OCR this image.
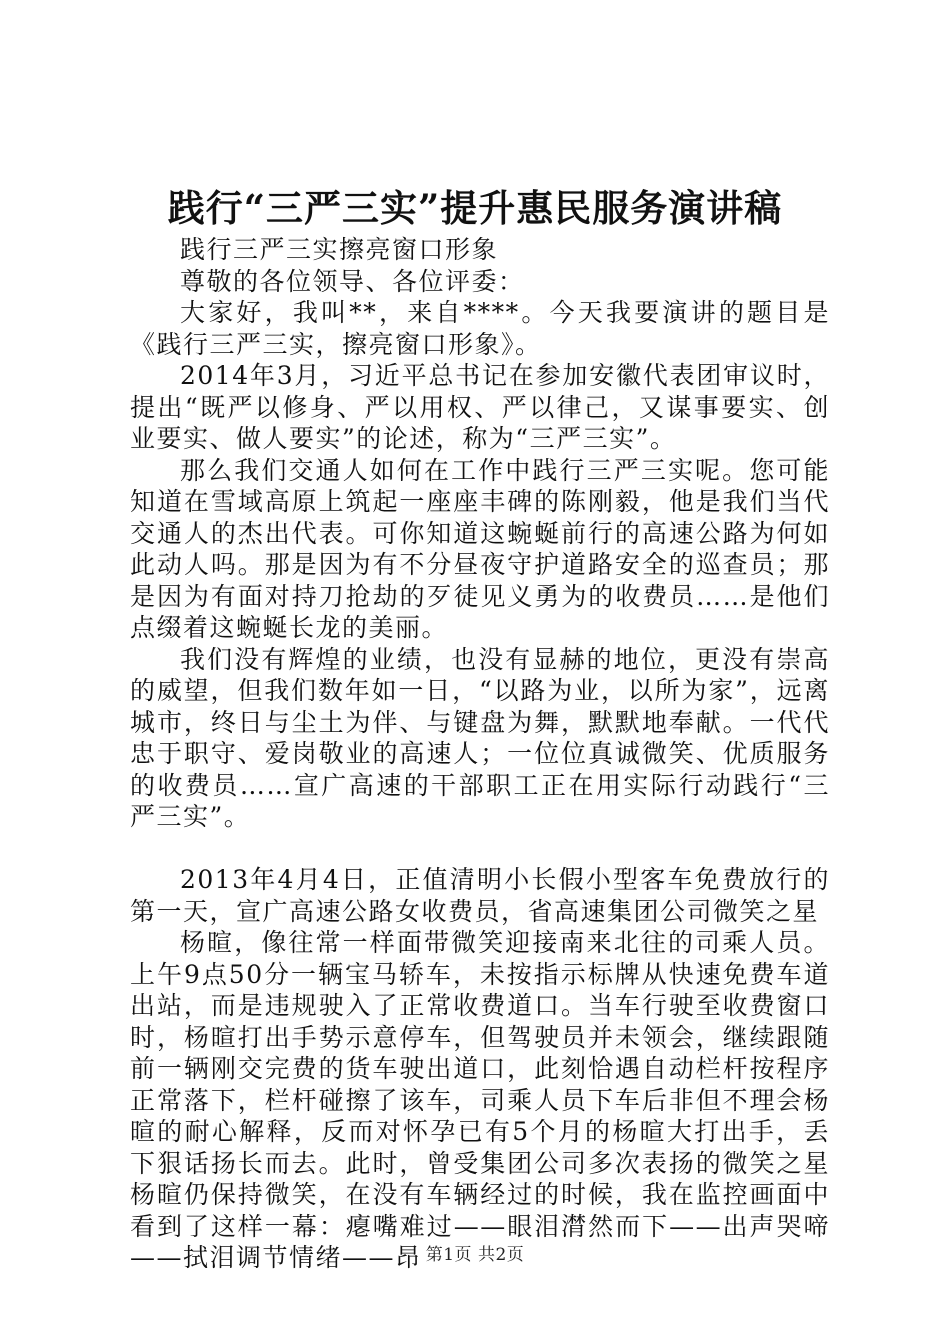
践行“三严三实”提升惠民服务演讲稿

践行三严三实擦亮窗口形象

尊敬的各位领导、各位评委：

大家好，我叫**，来自****。今天我要演讲的题目是《践行三严三实，擦亮窗口形象》。

2014年3月，习近平总书记在参加安徽代表团审议时，提出“既严以修身、严以用权、严以律己，又谋事要实、创业要实、做人要实”的论述，称为“三严三实”。

那么我们交通人如何在工作中践行三严三实呢。您可能知道在雪域高原上筑起一座座丰碑的陈刚毅，他是我们当代交通人的杰出代表。可你知道这蜿蜒前行的高速公路为何如此动人吗。那是因为有不分昼夜守护道路安全的巡查员；那是因为有面对持刀抢劫的歹徒见义勇为的收费员……是他们点缀着这蜿蜒长龙的美丽。

我们没有辉煌的业绩，也没有显赫的地位，更没有崇高的威望，但我们数年如一日，“以路为业，以所为家”，远离城市，终日与尘土为伴、与键盘为舞，默默地奉献。一代代忠于职守、爱岗敬业的高速人；一位位真诚微笑、优质服务的收费员……宣广高速的干部职工正在用实际行动践行“三严三实”。

2013年4月4日，正值清明小长假小型客车免费放行的第一天，宣广高速公路女收费员，省高速集团公司微笑之星

杨暄，像往常一样面带微笑迎接南来北往的司乘人员。上午9点50分一辆宝马轿车，未按指示标牌从快速免费车道出站，而是违规驶入了正常收费道口。当车行驶至收费窗口时，杨暄打出手势示意停车，但驾驶员并未领会，继续跟随前一辆刚交完费的货车驶出道口，此刻恰遇自动栏杆按程序正常落下，栏杆碰擦了该车，司乘人员下车后非但不理会杨暄的耐心解释，反而对怀孕已有5个月的杨暄大打出手，丢下狠话扬长而去。此时，曾受集团公司多次表扬的微笑之星杨暄仍保持微笑，在没有车辆经过的时候，我在监控画面中看到了这样一幕：瘪嘴难过——眼泪潸然而下——出声哭啼——拭泪调节情绪——昂 第1页 共2页
